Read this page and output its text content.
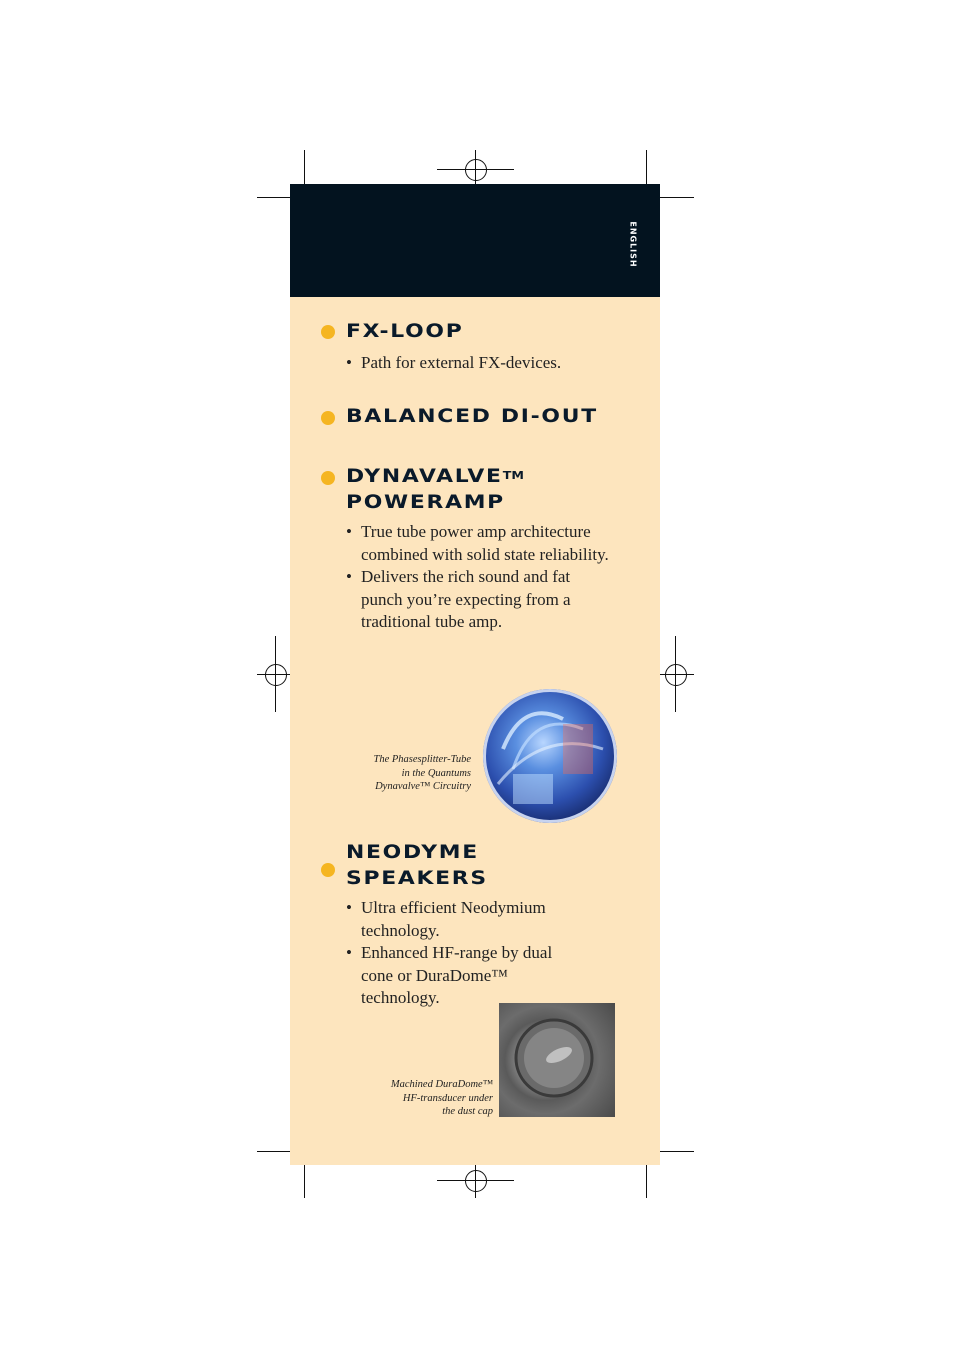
ENGLISH
FX-LOOP
• Path for external FX-devices.
BALANCED DI-OUT
DYNAVALVE™
POWERAMP
• True tube power amp architecture combined with solid state reliability.
• Delivers the rich sound and fat punch you’re expecting from a traditional tube amp.
The Phasesplitter-Tube
in the Quantums
Dynavalve™ Circuitry
NEODYME
SPEAKERS
• Ultra efficient Neodymium technology.
• Enhanced HF-range by dual cone or DuraDome™ technology.
Machined DuraDome™
HF-transducer under
the dust cap
